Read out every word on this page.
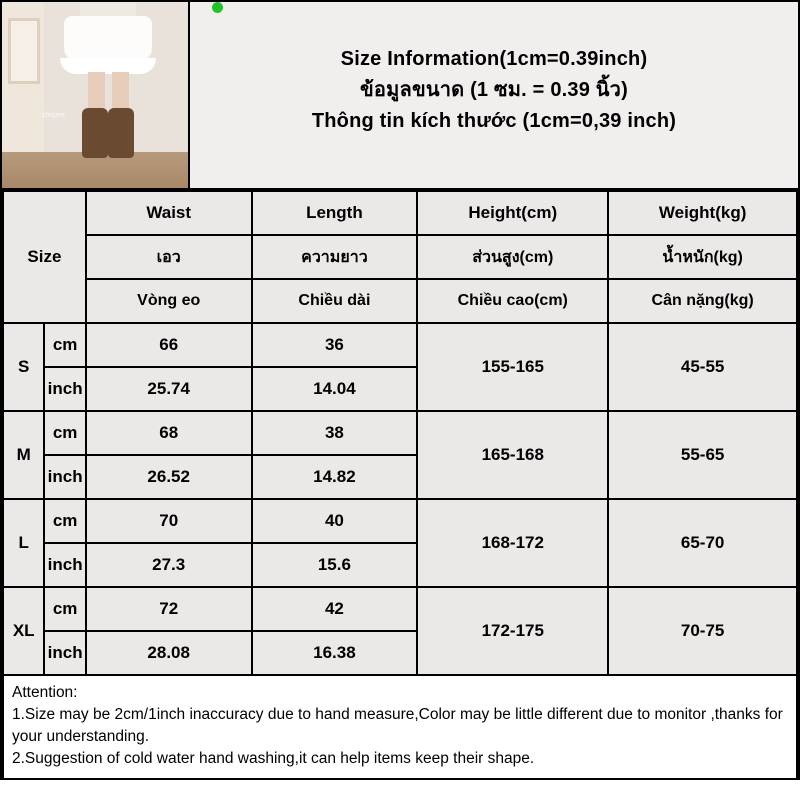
shopee
Size Information(1cm=0.39inch)
ข้อมูลขนาด (1 ซม. = 0.39 นิ้ว)
Thông tin kích thước (1cm=0,39 inch)
Size		Waist	Length	Height(cm)	Weight(kg)
		เอว	ความยาว	ส่วนสูง(cm)	น้ำหนัก(kg)
		Vòng eo	Chiều dài	Chiều cao(cm)	Cân nặng(kg)
S	cm	66	36	155-165	45-55
	inch	25.74	14.04		
M	cm	68	38	165-168	55-65
	inch	26.52	14.82		
L	cm	70	40	168-172	65-70
	inch	27.3	15.6		
XL	cm	72	42	172-175	70-75
	inch	28.08	16.38		
Attention:
1.Size may be 2cm/1inch inaccuracy due to hand measure,Color may be little different due to monitor ,thanks for your understanding.
2.Suggestion of cold water hand washing,it can help items keep their shape.
